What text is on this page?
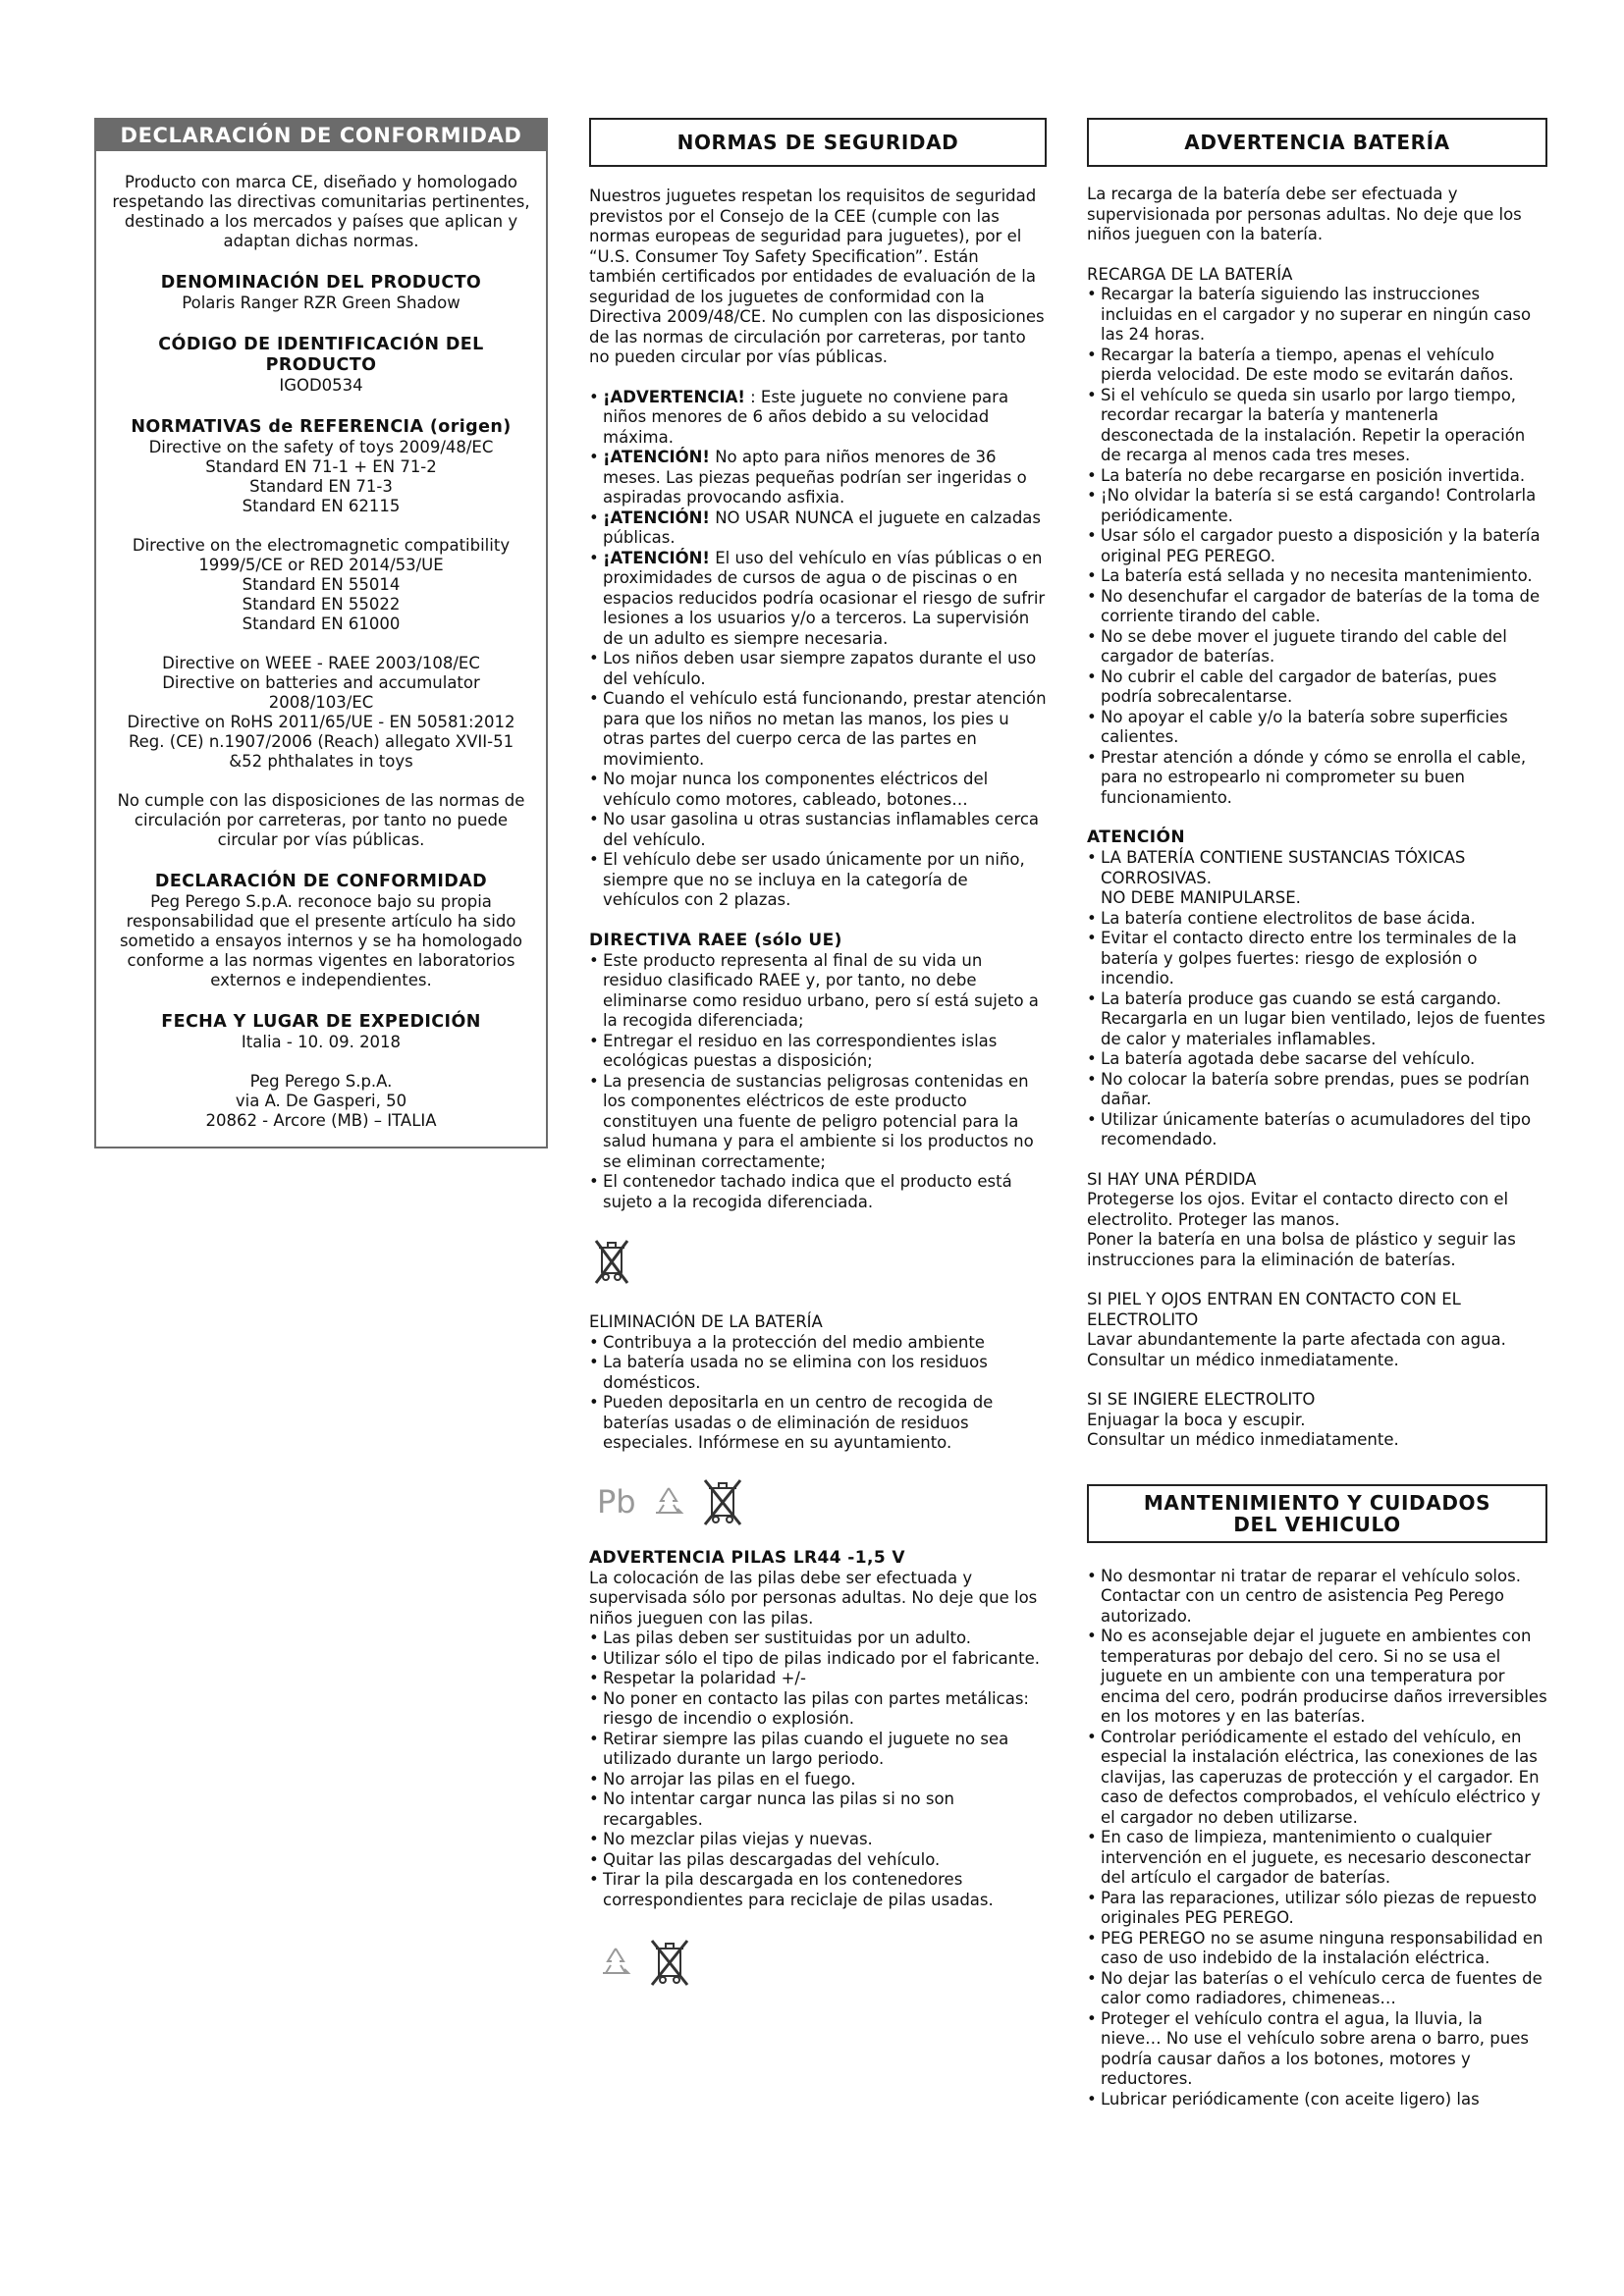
DECLARACIÓN DE CONFORMIDAD

Producto con marca CE, diseñado y homologado

respetando las directivas comunitarias pertinentes,

destinado a los mercados y países que aplican y

adaptan dichas normas.

DENOMINACIÓN DEL PRODUCTO

Polaris Ranger RZR Green Shadow

CÓDIGO DE IDENTIFICACIÓN DEL
PRODUCTO

IGOD0534

NORMATIVAS de REFERENCIA (origen)

Directive on the safety of toys 2009/48/EC

Standard EN 71-1 + EN 71-2

Standard EN 71-3

Standard EN 62115

Directive on the electromagnetic compatibility

1999/5/CE or RED 2014/53/UE

Standard EN 55014

Standard EN 55022

Standard EN 61000

Directive on WEEE - RAEE 2003/108/EC

Directive on batteries and accumulator

2008/103/EC

Directive on RoHS 2011/65/UE - EN 50581:2012

Reg. (CE) n.1907/2006 (Reach) allegato XVII-51

&52 phthalates in toys

No cumple con las disposiciones de las normas de

circulación por carreteras, por tanto no puede

circular por vías públicas.

DECLARACIÓN DE CONFORMIDAD

Peg Perego S.p.A. reconoce bajo su propia

responsabilidad que el presente artículo ha sido

sometido a ensayos internos y se ha homologado

conforme a las normas vigentes en laboratorios

externos e independientes.

FECHA Y LUGAR DE EXPEDICIÓN

Italia - 10. 09. 2018

Peg Perego S.p.A.

via A. De Gasperi, 50

20862 - Arcore (MB) – ITALIA

NORMAS DE SEGURIDAD

Nuestros juguetes respetan los requisitos de seguridad previstos por el Consejo de la CEE (cumple con las normas europeas de seguridad para juguetes), por el “U.S. Consumer Toy Safety Specification”. Están también certificados por entidades de evaluación de la seguridad de los juguetes de conformidad con la Directiva 2009/48/CE. No cumplen con las disposiciones de las normas de circulación por carreteras, por tanto no pueden circular por vías públicas.

• ¡ADVERTENCIA! : Este juguete no conviene para niños menores de 6 años debido a su velocidad máxima.
• ¡ATENCIÓN! No apto para niños menores de 36 meses. Las piezas pequeñas podrían ser ingeridas o aspiradas provocando asfixia.
• ¡ATENCIÓN! NO USAR NUNCA el juguete en calzadas públicas.
• ¡ATENCIÓN! El uso del vehículo en vías públicas o en proximidades de cursos de agua o de piscinas o en espacios reducidos podría ocasionar el riesgo de sufrir lesiones a los usuarios y/o a terceros. La supervisión de un adulto es siempre necesaria.
• Los niños deben usar siempre zapatos durante el uso del vehículo.
• Cuando el vehículo está funcionando, prestar atención para que los niños no metan las manos, los pies u otras partes del cuerpo cerca de las partes en movimiento.
• No mojar nunca los componentes eléctricos del vehículo como motores, cableado, botones…
• No usar gasolina u otras sustancias inflamables cerca del vehículo.
• El vehículo debe ser usado únicamente por un niño, siempre que no se incluya en la categoría de vehículos con 2 plazas.

DIRECTIVA RAEE (sólo UE)

• Este producto representa al final de su vida un residuo clasificado RAEE y, por tanto, no debe eliminarse como residuo urbano, pero sí está sujeto a la recogida diferenciada;
• Entregar el residuo en las correspondientes islas ecológicas puestas a disposición;
• La presencia de sustancias peligrosas contenidas en los componentes eléctricos de este producto constituyen una fuente de peligro potencial para la salud humana y para el ambiente si los productos no se eliminan correctamente;
• El contenedor tachado indica que el producto está sujeto a la recogida diferenciada.

ELIMINACIÓN DE LA BATERÍA

• Contribuya a la protección del medio ambiente
• La batería usada no se elimina con los residuos domésticos.
• Pueden depositarla en un centro de recogida de baterías usadas o de eliminación de residuos especiales. Infórmese en su ayuntamiento.
Pb

ADVERTENCIA PILAS LR44 -1,5 V

La colocación de las pilas debe ser efectuada y supervisada sólo por personas adultas. No deje que los niños jueguen con las pilas.

• Las pilas deben ser sustituidas por un adulto.
• Utilizar sólo el tipo de pilas indicado por el fabricante.
• Respetar la polaridad +/-
• No poner en contacto las pilas con partes metálicas: riesgo de incendio o explosión.
• Retirar siempre las pilas cuando el juguete no sea utilizado durante un largo periodo.
• No arrojar las pilas en el fuego.
• No intentar cargar nunca las pilas si no son recargables.
• No mezclar pilas viejas y nuevas.
• Quitar las pilas descargadas del vehículo.
• Tirar la pila descargada en los contenedores correspondientes para reciclaje de pilas usadas.
ADVERTENCIA BATERÍA

La recarga de la batería debe ser efectuada y supervisionada por personas adultas. No deje que los niños jueguen con la batería.

RECARGA DE LA BATERÍA

• Recargar la batería siguiendo las instrucciones incluidas en el cargador y no superar en ningún caso las 24 horas.
• Recargar la batería a tiempo, apenas el vehículo pierda velocidad. De este modo se evitarán daños.
• Si el vehículo se queda sin usarlo por largo tiempo, recordar recargar la batería y mantenerla desconectada de la instalación. Repetir la operación de recarga al menos cada tres meses.
• La batería no debe recargarse en posición invertida.
• ¡No olvidar la batería si se está cargando! Controlarla periódicamente.
• Usar sólo el cargador puesto a disposición y la batería original PEG PEREGO.
• La batería está sellada y no necesita mantenimiento.
• No desenchufar el cargador de baterías de la toma de corriente tirando del cable.
• No se debe mover el juguete tirando del cable del cargador de baterías.
• No cubrir el cable del cargador de baterías, pues podría sobrecalentarse.
• No apoyar el cable y/o la batería sobre superficies calientes.
• Prestar atención a dónde y cómo se enrolla el cable, para no estropearlo ni comprometer su buen funcionamiento.

ATENCIÓN

• LA BATERÍA CONTIENE SUSTANCIAS TÓXICAS CORROSIVAS.
NO DEBE MANIPULARSE.
• La batería contiene electrolitos de base ácida.
• Evitar el contacto directo entre los terminales de la batería y golpes fuertes: riesgo de explosión o incendio.
• La batería produce gas cuando se está cargando. Recargarla en un lugar bien ventilado, lejos de fuentes de calor y materiales inflamables.
• La batería agotada debe sacarse del vehículo.
• No colocar la batería sobre prendas, pues se podrían dañar.
• Utilizar únicamente baterías o acumuladores del tipo recomendado.

SI HAY UNA PÉRDIDA

Protegerse los ojos. Evitar el contacto directo con el electrolito. Proteger las manos.

Poner la batería en una bolsa de plástico y seguir las instrucciones para la eliminación de baterías.

SI PIEL Y OJOS ENTRAN EN CONTACTO CON EL ELECTROLITO

Lavar abundantemente la parte afectada con agua.

Consultar un médico inmediatamente.

SI SE INGIERE ELECTROLITO

Enjuagar la boca y escupir.

Consultar un médico inmediatamente.

MANTENIMIENTO Y CUIDADOS
DEL VEHICULO
• No desmontar ni tratar de reparar el vehículo solos. Contactar con un centro de asistencia Peg Perego autorizado.
• No es aconsejable dejar el juguete en ambientes con temperaturas por debajo del cero. Si no se usa el juguete en un ambiente con una temperatura por encima del cero, podrán producirse daños irreversibles en los motores y en las baterías.
• Controlar periódicamente el estado del vehículo, en especial la instalación eléctrica, las conexiones de las clavijas, las caperuzas de protección y el cargador. En caso de defectos comprobados, el vehículo eléctrico y el cargador no deben utilizarse.
• En caso de limpieza, mantenimiento o cualquier intervención en el juguete, es necesario desconectar del artículo el cargador de baterías.
• Para las reparaciones, utilizar sólo piezas de repuesto originales PEG PEREGO.
• PEG PEREGO no se asume ninguna responsabilidad en caso de uso indebido de la instalación eléctrica.
• No dejar las baterías o el vehículo cerca de fuentes de calor como radiadores, chimeneas…
• Proteger el vehículo contra el agua, la lluvia, la nieve… No use el vehículo sobre arena o barro, pues podría causar daños a los botones, motores y reductores.
• Lubricar periódicamente (con aceite ligero) las
